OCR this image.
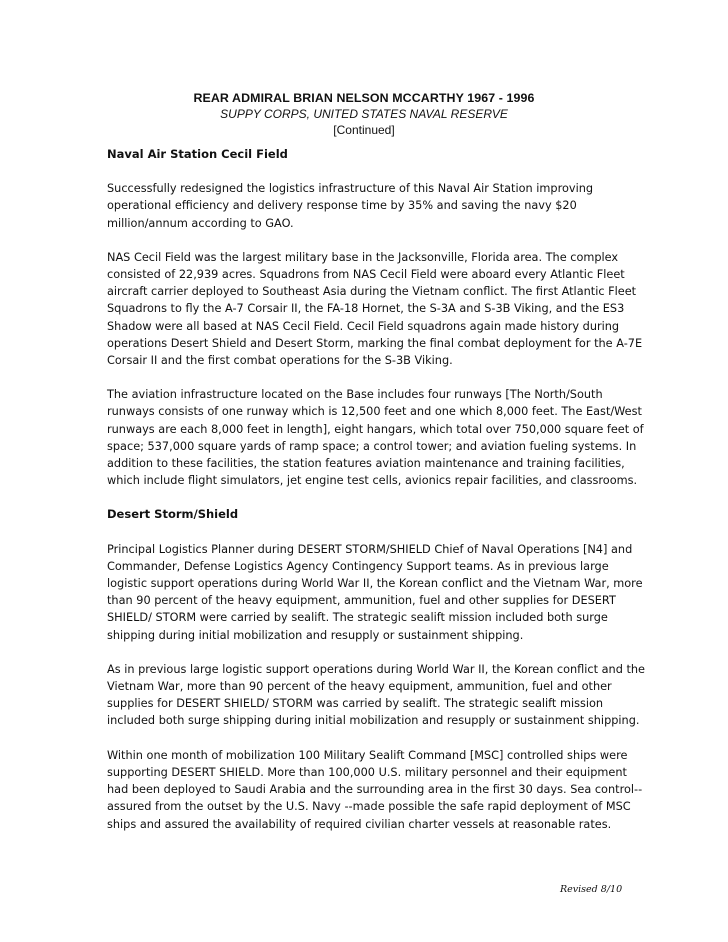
REAR ADMIRAL BRIAN NELSON MCCARTHY 1967 - 1996
SUPPY CORPS, UNITED STATES NAVAL RESERVE
[Continued]
Naval Air Station Cecil Field

Successfully redesigned the logistics infrastructure of this Naval Air Station improving operational efficiency and delivery response time by 35% and saving the navy $20 million/annum according to GAO.

NAS Cecil Field was the largest military base in the Jacksonville, Florida area. The complex consisted of 22,939 acres. Squadrons from NAS Cecil Field were aboard every Atlantic Fleet aircraft carrier deployed to Southeast Asia during the Vietnam conflict. The first Atlantic Fleet Squadrons to fly the A-7 Corsair II, the FA-18 Hornet, the S-3A and S-3B Viking, and the ES3 Shadow were all based at NAS Cecil Field. Cecil Field squadrons again made history during operations Desert Shield and Desert Storm, marking the final combat deployment for the A-7E Corsair II and the first combat operations for the S-3B Viking.

The aviation infrastructure located on the Base includes four runways [The North/South runways consists of one runway which is 12,500 feet and one which 8,000 feet. The East/West runways are each 8,000 feet in length], eight hangars, which total over 750,000 square feet of space; 537,000 square yards of ramp space; a control tower; and aviation fueling systems. In addition to these facilities, the station features aviation maintenance and training facilities, which include flight simulators, jet engine test cells, avionics repair facilities, and classrooms.

Desert Storm/Shield

Principal Logistics Planner during DESERT STORM/SHIELD Chief of Naval Operations [N4] and Commander, Defense Logistics Agency Contingency Support teams. As in previous large logistic support operations during World War II, the Korean conflict and the Vietnam War, more than 90 percent of the heavy equipment, ammunition, fuel and other supplies for DESERT SHIELD/ STORM were carried by sealift. The strategic sealift mission included both surge shipping during initial mobilization and resupply or sustainment shipping.

As in previous large logistic support operations during World War II, the Korean conflict and the Vietnam War, more than 90 percent of the heavy equipment, ammunition, fuel and other supplies for DESERT SHIELD/ STORM was carried by sealift. The strategic sealift mission included both surge shipping during initial mobilization and resupply or sustainment shipping.

Within one month of mobilization 100 Military Sealift Command [MSC] controlled ships were supporting DESERT SHIELD. More than 100,000 U.S. military personnel and their equipment had been deployed to Saudi Arabia and the surrounding area in the first 30 days. Sea control-- assured from the outset by the U.S. Navy --made possible the safe rapid deployment of MSC ships and assured the availability of required civilian charter vessels at reasonable rates.

Revised 8/10
